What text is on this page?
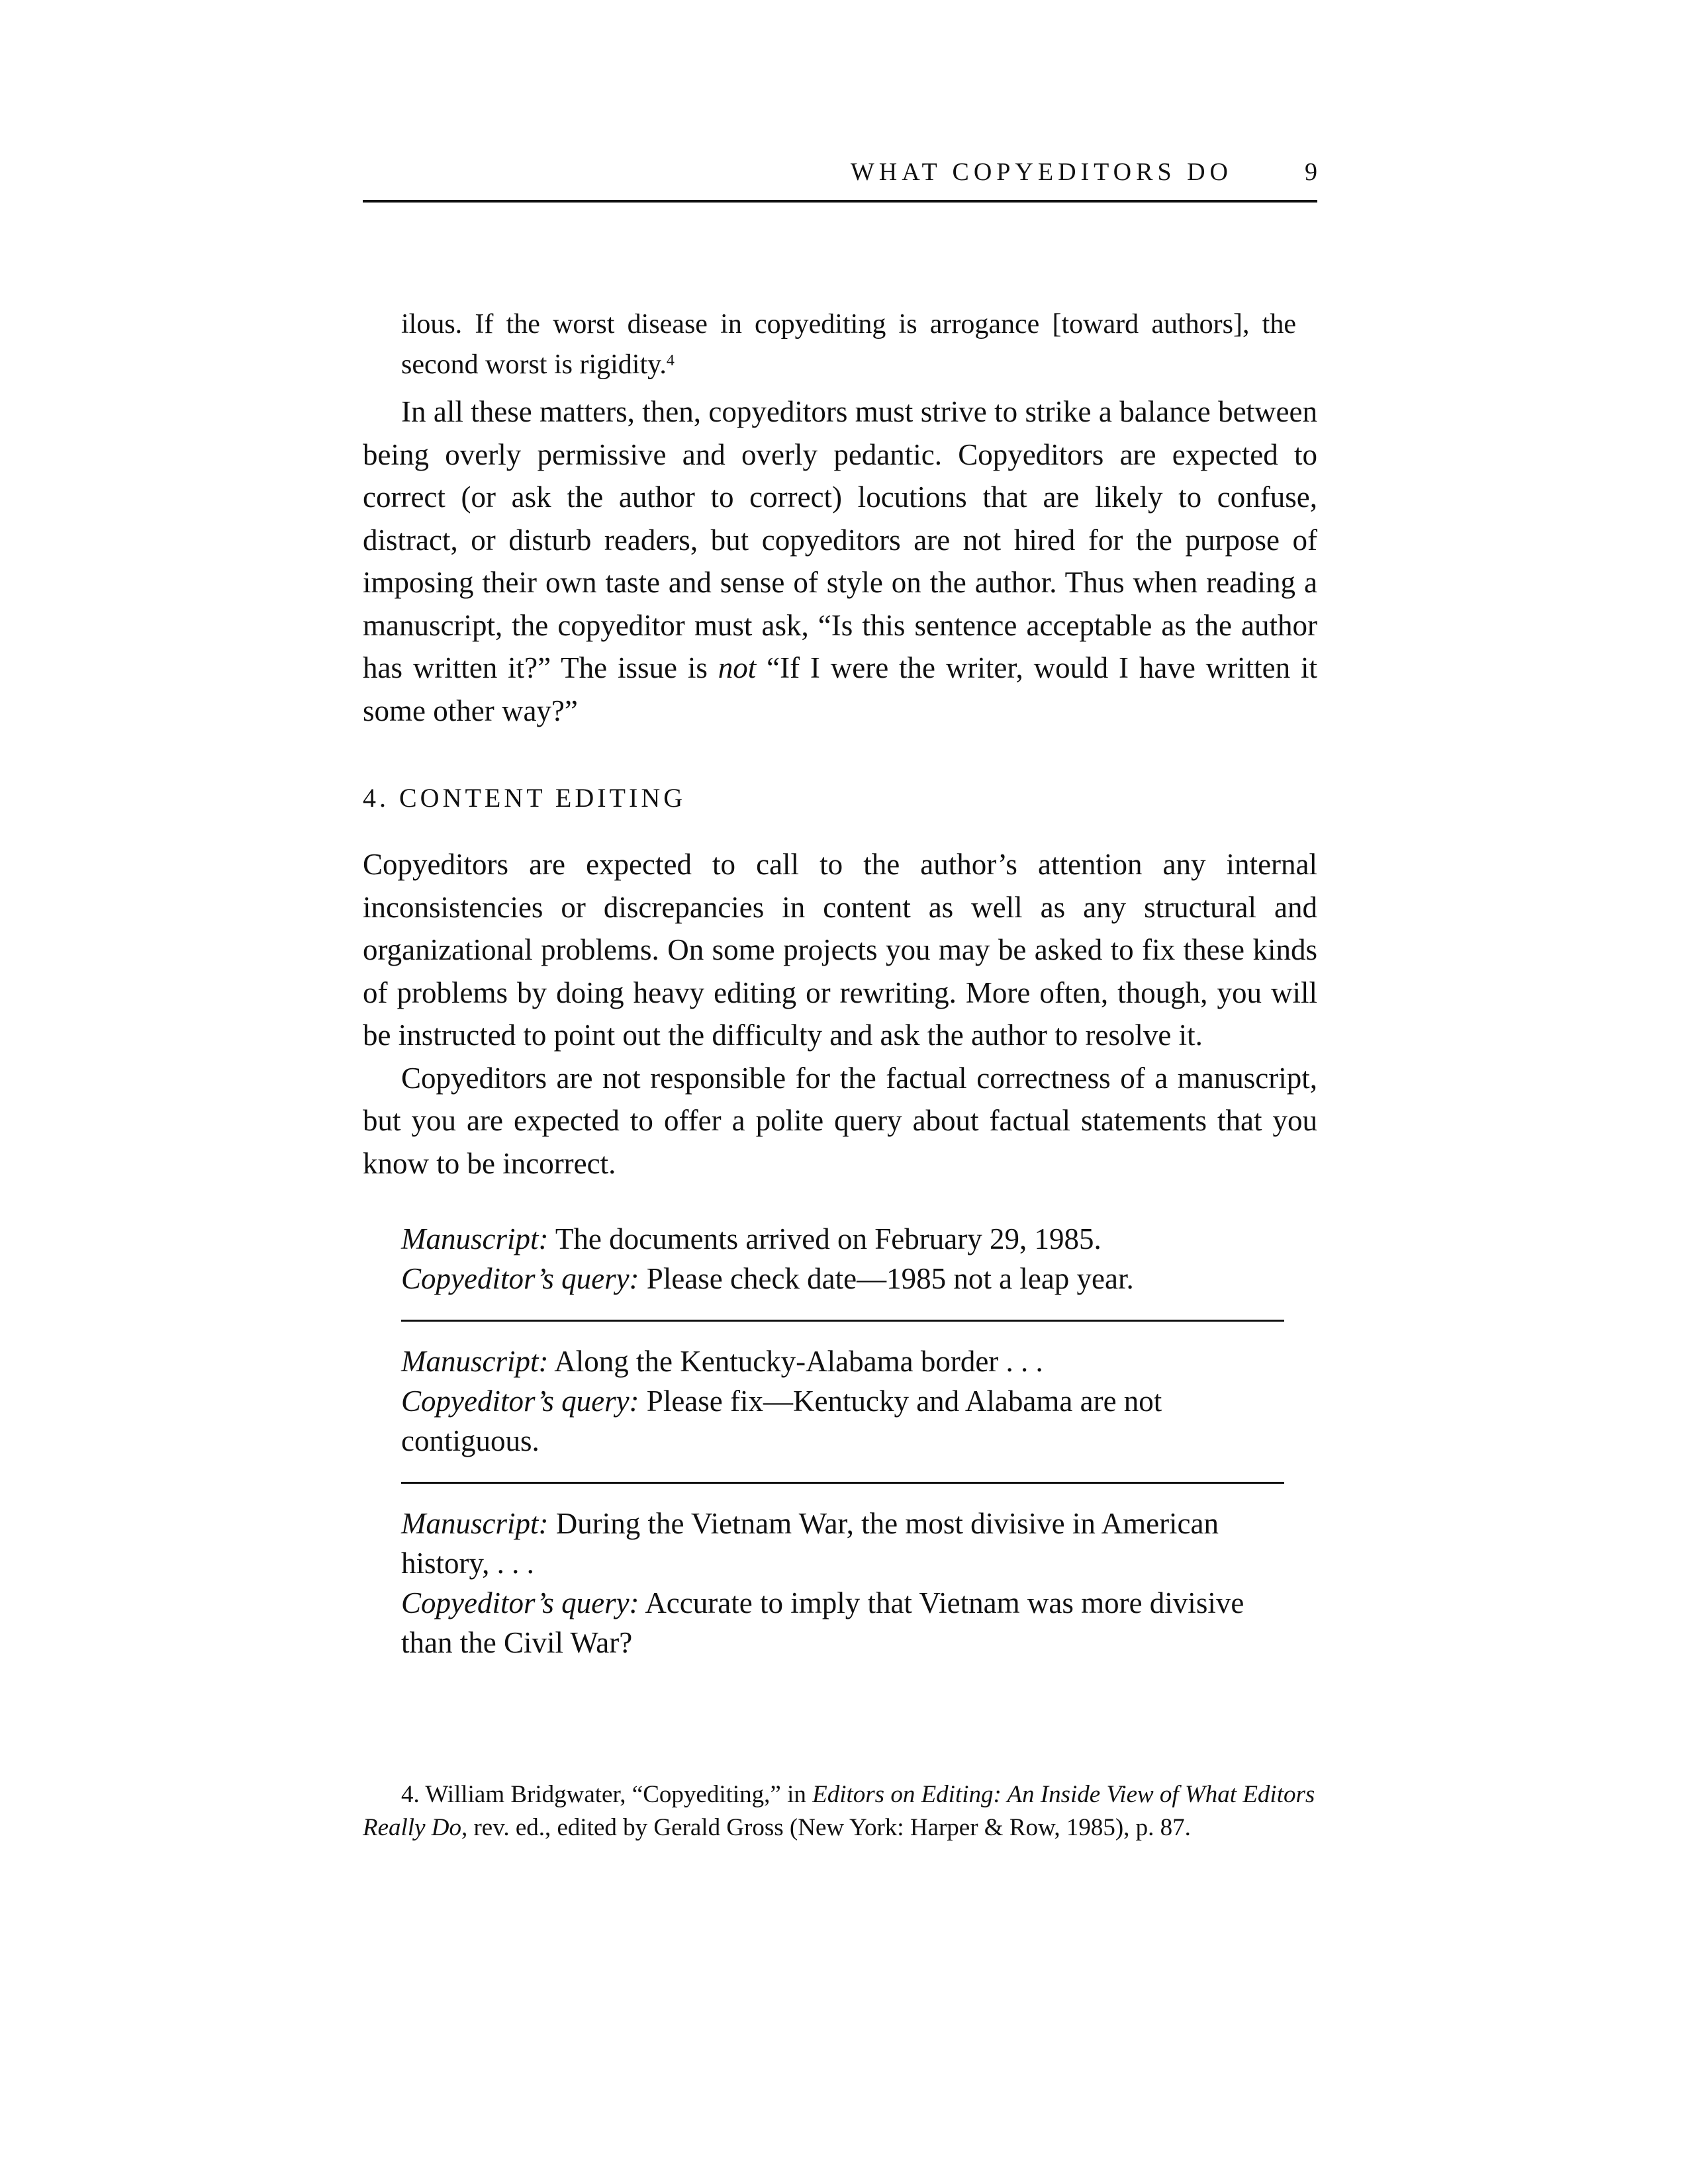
WHAT COPYEDITORS DO	9

ilous. If the worst disease in copyediting is arrogance [toward authors], the second worst is rigidity.$^4$

In all these matters, then, copyeditors must strive to strike a balance between being overly permissive and overly pedantic. Copyeditors are expected to correct (or ask the author to correct) locutions that are likely to confuse, distract, or disturb readers, but copyeditors are not hired for the purpose of imposing their own taste and sense of style on the author. Thus when reading a manuscript, the copyeditor must ask, “Is this sentence acceptable as the author has written it?” The issue is not “If I were the writer, would I have written it some other way?”

4. CONTENT EDITING

Copyeditors are expected to call to the author’s attention any internal inconsistencies or discrepancies in content as well as any structural and organizational problems. On some projects you may be asked to fix these kinds of problems by doing heavy editing or rewriting. More often, though, you will be instructed to point out the difficulty and ask the author to resolve it.

Copyeditors are not responsible for the factual correctness of a manuscript, but you are expected to offer a polite query about factual statements that you know to be incorrect.

Manuscript: The documents arrived on February 29, 1985.
Copyeditor’s query: Please check date—1985 not a leap year.
Manuscript: Along the Kentucky-Alabama border . . .
Copyeditor’s query: Please fix—Kentucky and Alabama are not contiguous.
Manuscript: During the Vietnam War, the most divisive in American history, . . .
Copyeditor’s query: Accurate to imply that Vietnam was more divisive than the Civil War?

4. William Bridgwater, “Copyediting,” in Editors on Editing: An Inside View of What Editors Really Do, rev. ed., edited by Gerald Gross (New York: Harper & Row, 1985), p. 87.
